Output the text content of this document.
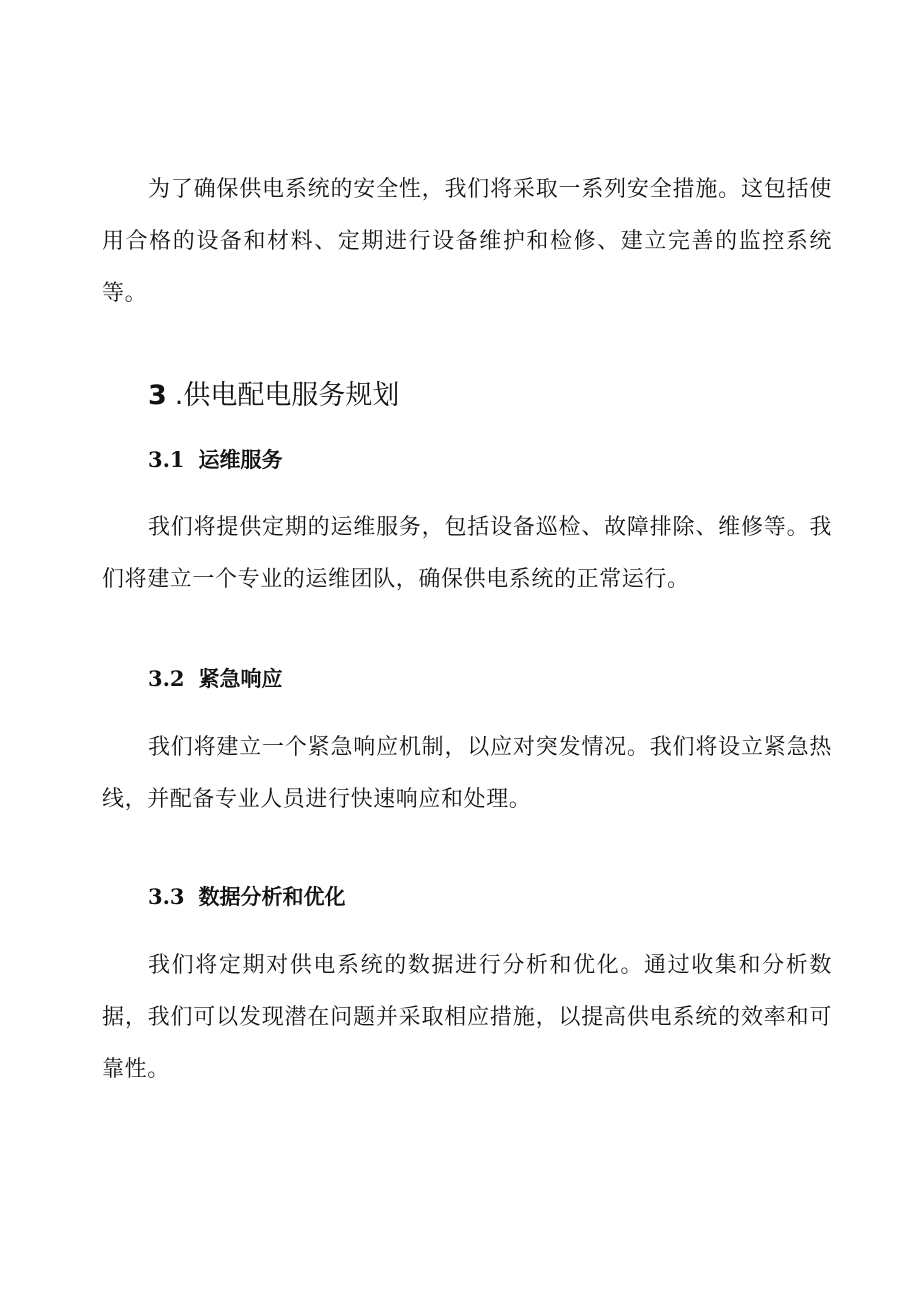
为了确保供电系统的安全性，我们将采取一系列安全措施。这包括使用合格的设备和材料、定期进行设备维护和检修、建立完善的监控系统等。

3 .供电配电服务规划
3.1 运维服务

我们将提供定期的运维服务，包括设备巡检、故障排除、维修等。我们将建立一个专业的运维团队，确保供电系统的正常运行。

3.2 紧急响应

我们将建立一个紧急响应机制，以应对突发情况。我们将设立紧急热线，并配备专业人员进行快速响应和处理。

3.3 数据分析和优化

我们将定期对供电系统的数据进行分析和优化。通过收集和分析数据，我们可以发现潜在问题并采取相应措施，以提高供电系统的效率和可靠性。
